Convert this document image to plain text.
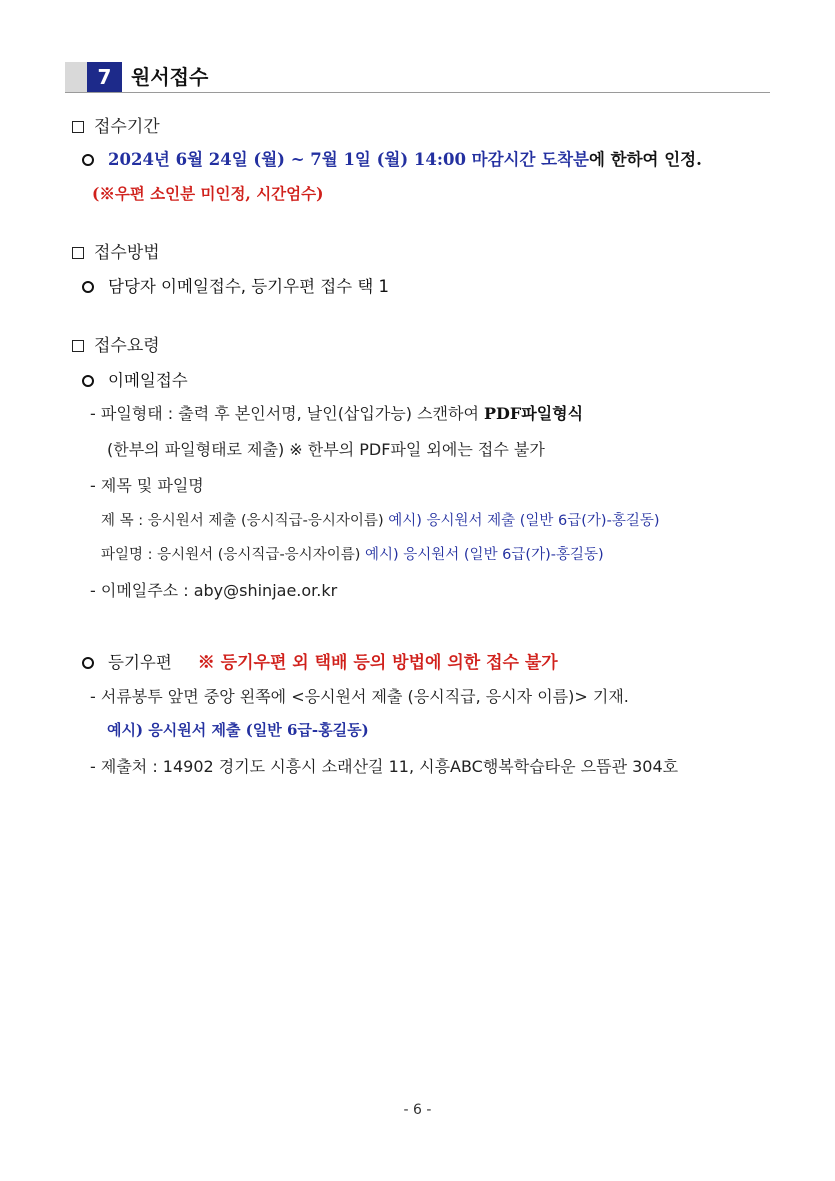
7 원서접수
접수기간
2024년 6월 24일 (월) ~ 7월 1일 (월) 14:00 마감시간 도착분에 한하여 인정.
(※우편 소인분 미인정, 시간엄수)
접수방법
담당자 이메일접수, 등기우편 접수 택 1
접수요령
이메일접수
- 파일형태 : 출력 후 본인서명, 날인(삽입가능) 스캔하여 PDF파일형식
(한부의 파일형태로 제출) ※ 한부의 PDF파일 외에는 접수 불가
- 제목 및 파일명
제 목 : 응시원서 제출 (응시직급-응시자이름) 예시) 응시원서 제출 (일반 6급(가)-홍길동)
파일명 : 응시원서 (응시직급-응시자이름) 예시) 응시원서 (일반 6급(가)-홍길동)
- 이메일주소 : aby@shinjae.or.kr
등기우편 ※ 등기우편 외 택배 등의 방법에 의한 접수 불가
- 서류봉투 앞면 중앙 왼쪽에 <응시원서 제출 (응시직급, 응시자 이름)> 기재.
예시) 응시원서 제출 (일반 6급-홍길동)
- 제출처 : 14902 경기도 시흥시 소래산길 11, 시흥ABC행복학습타운 으뜸관 304호
- 6 -
